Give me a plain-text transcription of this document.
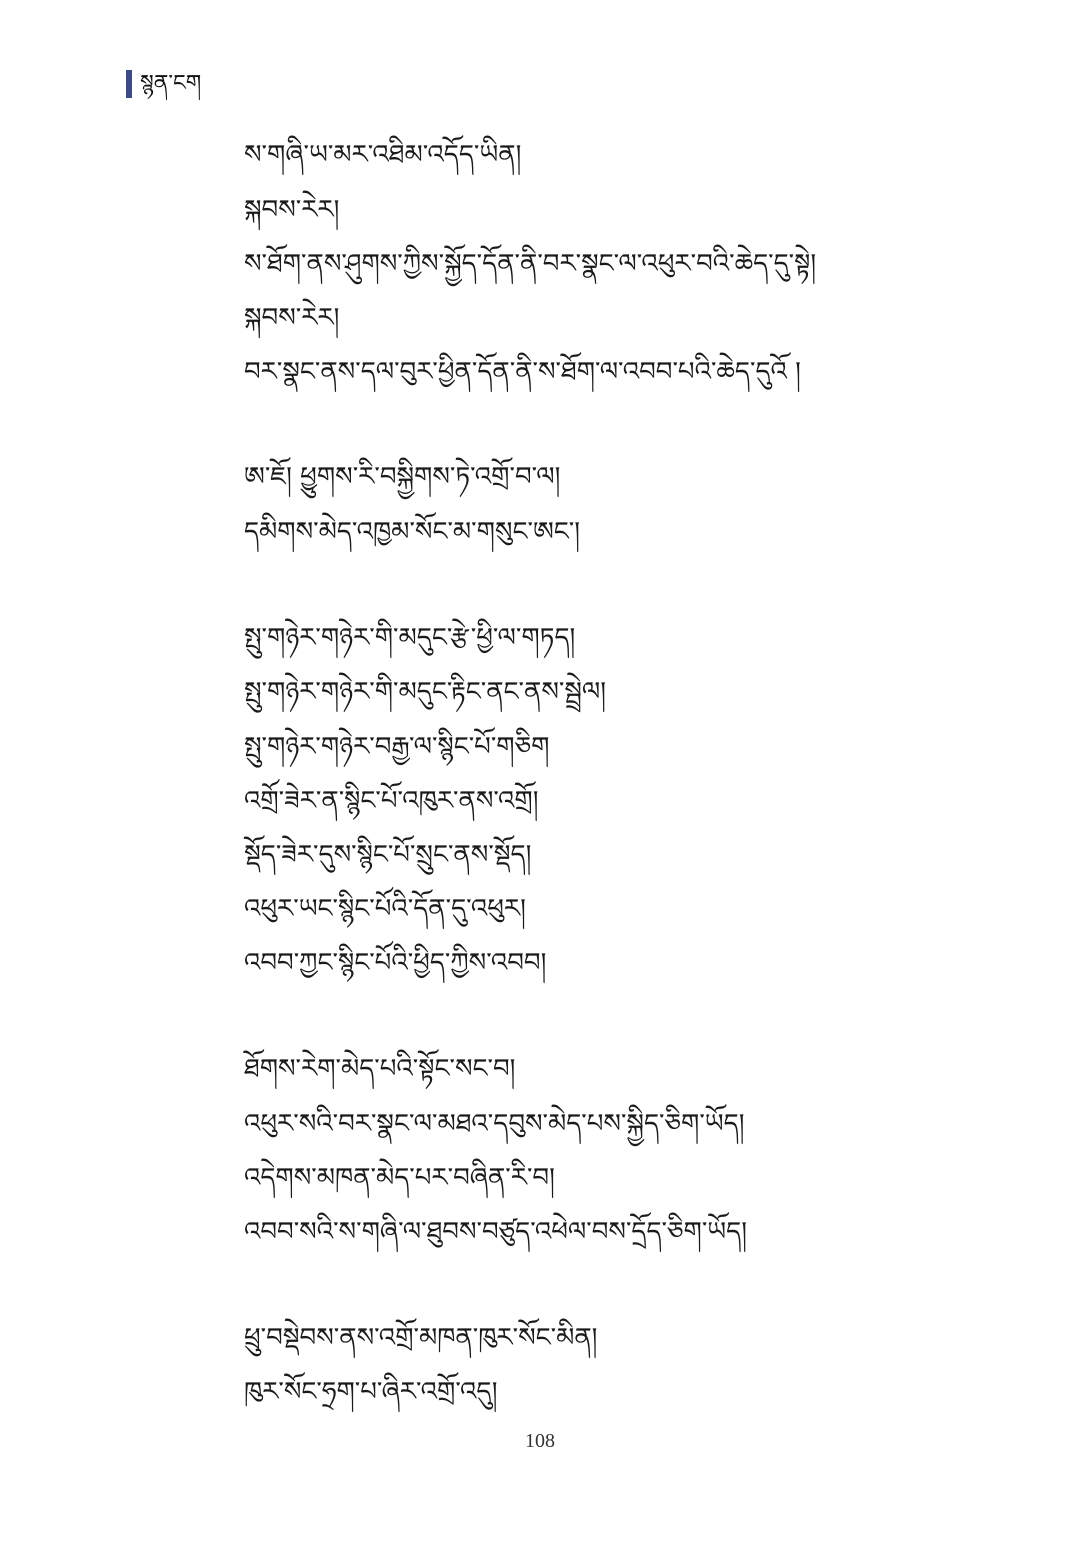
སྙན་ངག
ས་གཞི་ཡ་མར་འཐིམ་འདོད་ཡིན།
སྐབས་རེར།
ས་ཐོག་ནས་ཤུགས་ཀྱིས་སྐྱོད་དོན་ནི་བར་སྣང་ལ་འཕུར་བའི་ཆེད་དུ་སྟེ།
སྐབས་རེར།
བར་སྣང་ནས་དལ་བུར་ཕྱིན་དོན་ནི་ས་ཐོག་ལ་འབབ་པའི་ཆེད་དུའོ །
ཨ་ཇོ། ཕྱུགས་རི་བསྐྱིགས་ཏེ་འགྲོ་བ་ལ།
དམིགས་མེད་འཁྱམ་སོང་མ་གསུང་ཨང་།
སྤུ་གཉེར་གཉེར་གི་མདུང་རྩེ་ཕྱི་ལ་གཏད།
སྤུ་གཉེར་གཉེར་གི་མདུང་རྟིང་ནང་ནས་སྦྲེལ།
སྤུ་གཉེར་གཉེར་བརྒྱ་ལ་སྙིང་པོ་གཅིག
འགྲོ་ཟེར་ན་སྙིང་པོ་འཁུར་ནས་འགྲོ།
སྡོད་ཟེར་དུས་སྙིང་པོ་སྲུང་ནས་སྡོད།
འཕུར་ཡང་སྙིང་པོའི་དོན་དུ་འཕུར།
འབབ་ཀྱང་སྙིང་པོའི་ཕྱིད་ཀྱིས་འབབ།
ཐོགས་རེག་མེད་པའི་སྟོང་སང་བ།
འཕུར་སའི་བར་སྣང་ལ་མཐའ་དབུས་མེད་པས་སྐྱིད་ཅིག་ཡོད།
འདེགས་མཁན་མེད་པར་བཞིན་རི་བ།
འབབ་སའི་ས་གཞི་ལ་ཐུབས་བཙུད་འཕེལ་བས་དྲོད་ཅིག་ཡོད།
ཕྲུ་བསྡེབས་ནས་འགྲོ་མཁན་ཁུར་སོང་མིན།
ཁུར་སོང་ཧྲག་པ་ཞིར་འགྲོ་འདུ།
108
